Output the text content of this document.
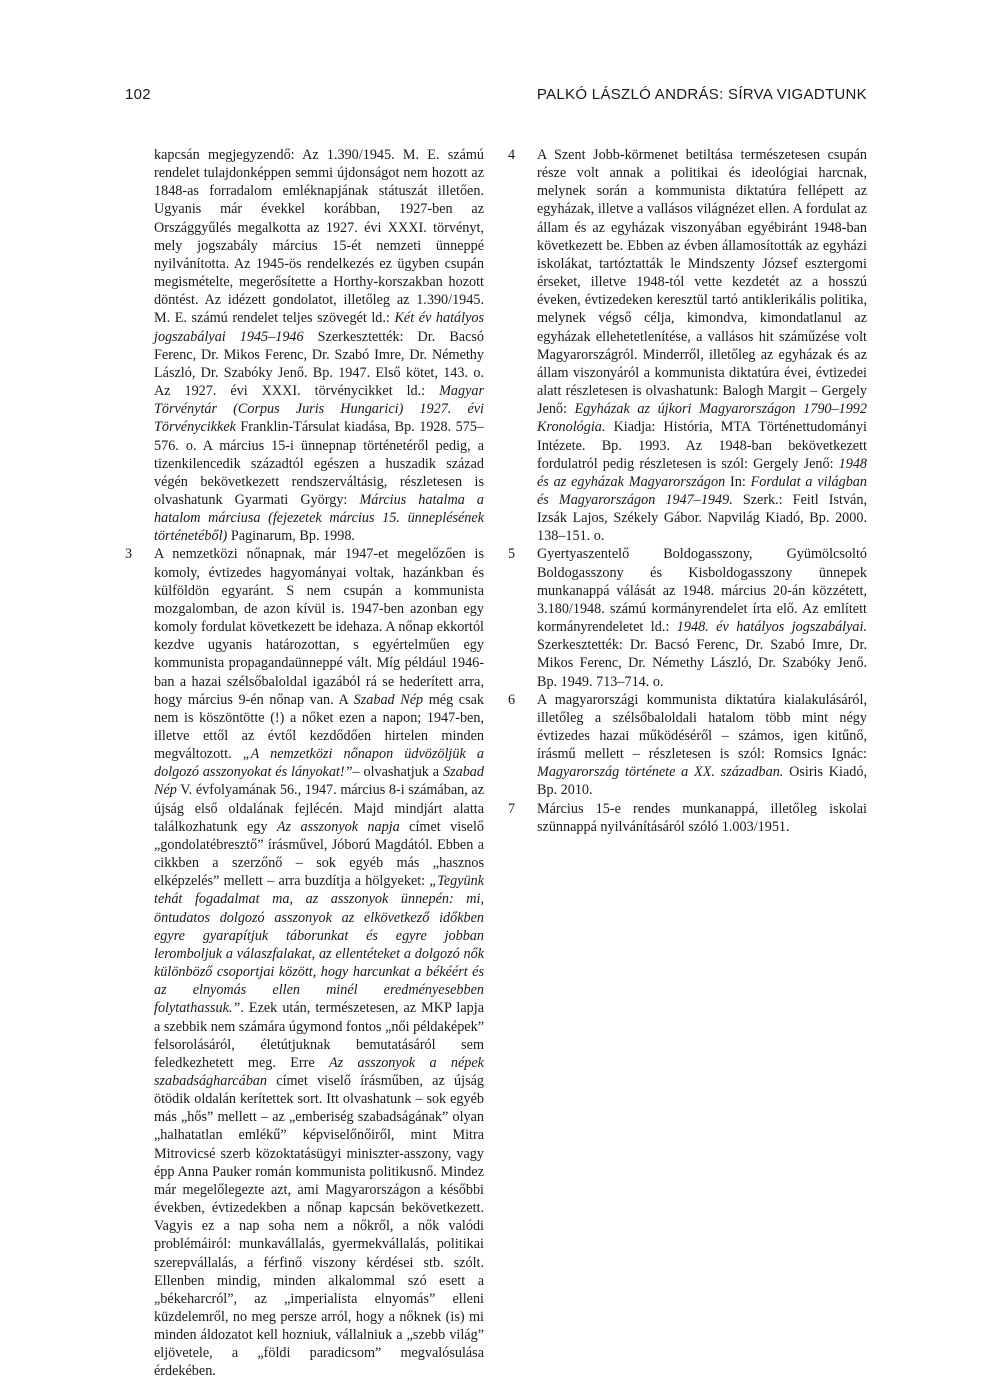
102	PALKÓ LÁSZLÓ ANDRÁS: SÍRVA VIGADTUNK

kapcsán megjegyzendő: Az 1.390/1945. M. E. számú rendelet tulajdonképpen semmi újdonságot nem hozott az 1848-as forradalom emléknapjának státuszát illetően. Ugyanis már évekkel korábban, 1927-ben az Országgyűlés megalkotta az 1927. évi XXXI. törvényt, mely jogszabály március 15-ét nemzeti ünneppé nyilvánította. Az 1945-ös rendelkezés ez ügyben csupán megismételte, megerősítette a Horthy-korszakban hozott döntést. Az idézett gondolatot, illetőleg az 1.390/1945. M. E. számú rendelet teljes szövegét ld.: Két év hatályos jogszabályai 1945–1946 Szerkesztették: Dr. Bacsó Ferenc, Dr. Mikos Ferenc, Dr. Szabó Imre, Dr. Némethy László, Dr. Szabóky Jenő. Bp. 1947. Első kötet, 143. o. Az 1927. évi XXXI. törvénycikket ld.: Magyar Törvénytár (Corpus Juris Hungarici) 1927. évi Törvénycikkek Franklin-Társulat kiadása, Bp. 1928. 575–576. o. A március 15-i ünnepnap történetéről pedig, a tizenkilencedik századtól egészen a huszadik század végén bekövetkezett rendszerváltásig, részletesen is olvashatunk Gyarmati György: Március hatalma a hatalom márciusa (fejezetek március 15. ünneplésének történetéből) Paginarum, Bp. 1998.

3 A nemzetközi nőnapnak, már 1947-et megelőzően is komoly, évtizedes hagyományai voltak, hazánkban és külföldön egyaránt. S nem csupán a kommunista mozgalomban, de azon kívül is. 1947-ben azonban egy komoly fordulat következett be idehaza. A nőnap ekkortól kezdve ugyanis határozottan, s egyértelműen egy kommunista propagandaünneppé vált. Míg például 1946-ban a hazai szélsőbaloldal igazából rá se hederített arra, hogy március 9-én nőnap van. A Szabad Nép még csak nem is köszöntötte (!) a nőket ezen a napon; 1947-ben, illetve ettől az évtől kezdődően hirtelen minden megváltozott. „A nemzetközi nőnapon üdvözöljük a dolgozó asszonyokat és lányokat!”– olvashatjuk a Szabad Nép V. évfolyamának 56., 1947. március 8-i számában, az újság első oldalának fejlécén. Majd mindjárt alatta találkozhatunk egy Az asszonyok napja címet viselő „gondolatébresztő” írásművel, Jóború Magdától. Ebben a cikkben a szerzőnő – sok egyéb más „hasznos elképzelés” mellett – arra buzdítja a hölgyeket: „Tegyünk tehát fogadalmat ma, az asszonyok ünnepén: mi, öntudatos dolgozó asszonyok az elkövetkező időkben egyre gyarapítjuk táborunkat és egyre jobban leromboljuk a válaszfalakat, az ellentéteket a dolgozó nők különböző csoportjai között, hogy harcunkat a békéért és az elnyomás ellen minél eredményesebben folytathassuk.”. Ezek után, természetesen, az MKP lapja a szebbik nem számára úgymond fontos „női példaképek” felsorolásáról, életútjuknak bemutatásáról sem feledkezhetett meg. Erre Az asszonyok a népek szabadságharcában címet viselő írásműben, az újság ötödik oldalán kerítettek sort. Itt olvashatunk – sok egyéb más „hős” mellett – az „emberiség szabadságának” olyan „halhatatlan emlékű” képviselőnőiről, mint Mitra Mitrovicsé szerb közoktatásügyi miniszter-asszony, vagy épp Anna Pauker román kommunista politikusnő. Mindez már megelőlegezte azt, ami Magyarországon a későbbi években, évtizedekben a nőnap kapcsán bekövetkezett. Vagyis ez a nap soha nem a nőkről, a nők valódi problémáiról: munkavállalás, gyermekvállalás, politikai szerepvállalás, a férfinő viszony kérdései stb. szólt. Ellenben mindig, minden alkalommal szó esett a „békeharcról”, az „imperialista elnyomás” elleni küzdelemről, no meg persze arról, hogy a nőknek (is) mi minden áldozatot kell hozniuk, vállalniuk a „szebb világ” eljövetele, a „földi paradicsom” megvalósulása érdekében.

4 A Szent Jobb-körmenet betiltása természetesen csupán része volt annak a politikai és ideológiai harcnak, melynek során a kommunista diktatúra fellépett az egyházak, illetve a vallásos világnézet ellen. A fordulat az állam és az egyházak viszonyában egyébiránt 1948-ban következett be. Ebben az évben államosították az egyházi iskolákat, tartóztatták le Mindszenty József esztergomi érseket, illetve 1948-tól vette kezdetét az a hosszú éveken, évtizedeken keresztül tartó antiklerikális politika, melynek végső célja, kimondva, kimondatlanul az egyházak ellehetetlenítése, a vallásos hit száműzése volt Magyarországról. Minderről, illetőleg az egyházak és az állam viszonyáról a kommunista diktatúra évei, évtizedei alatt részletesen is olvashatunk: Balogh Margit – Gergely Jenő: Egyházak az újkori Magyarországon 1790–1992 Kronológia. Kiadja: História, MTA Történettudományi Intézete. Bp. 1993. Az 1948-ban bekövetkezett fordulatról pedig részletesen is szól: Gergely Jenő: 1948 és az egyházak Magyarországon In: Fordulat a világban és Magyarországon 1947–1949. Szerk.: Feitl István, Izsák Lajos, Székely Gábor. Napvilág Kiadó, Bp. 2000. 138–151. o.

5 Gyertyaszentelő Boldogasszony, Gyümölcsoltó Boldogasszony és Kisboldogasszony ünnepek munkanappá válását az 1948. március 20-án közzétett, 3.180/1948. számú kormányrendelet írta elő. Az említett kormányrendeletet ld.: 1948. év hatályos jogszabályai. Szerkesztették: Dr. Bacsó Ferenc, Dr. Szabó Imre, Dr. Mikos Ferenc, Dr. Némethy László, Dr. Szabóky Jenő. Bp. 1949. 713–714. o.

6 A magyarországi kommunista diktatúra kialakulásáról, illetőleg a szélsőbaloldali hatalom több mint négy évtizedes hazai működéséről – számos, igen kitűnő, írásmű mellett – részletesen is szól: Romsics Ignác: Magyarország története a XX. században. Osiris Kiadó, Bp. 2010.

7 Március 15-e rendes munkanappá, illetőleg iskolai szünnappá nyilvánításáról szóló 1.003/1951.
